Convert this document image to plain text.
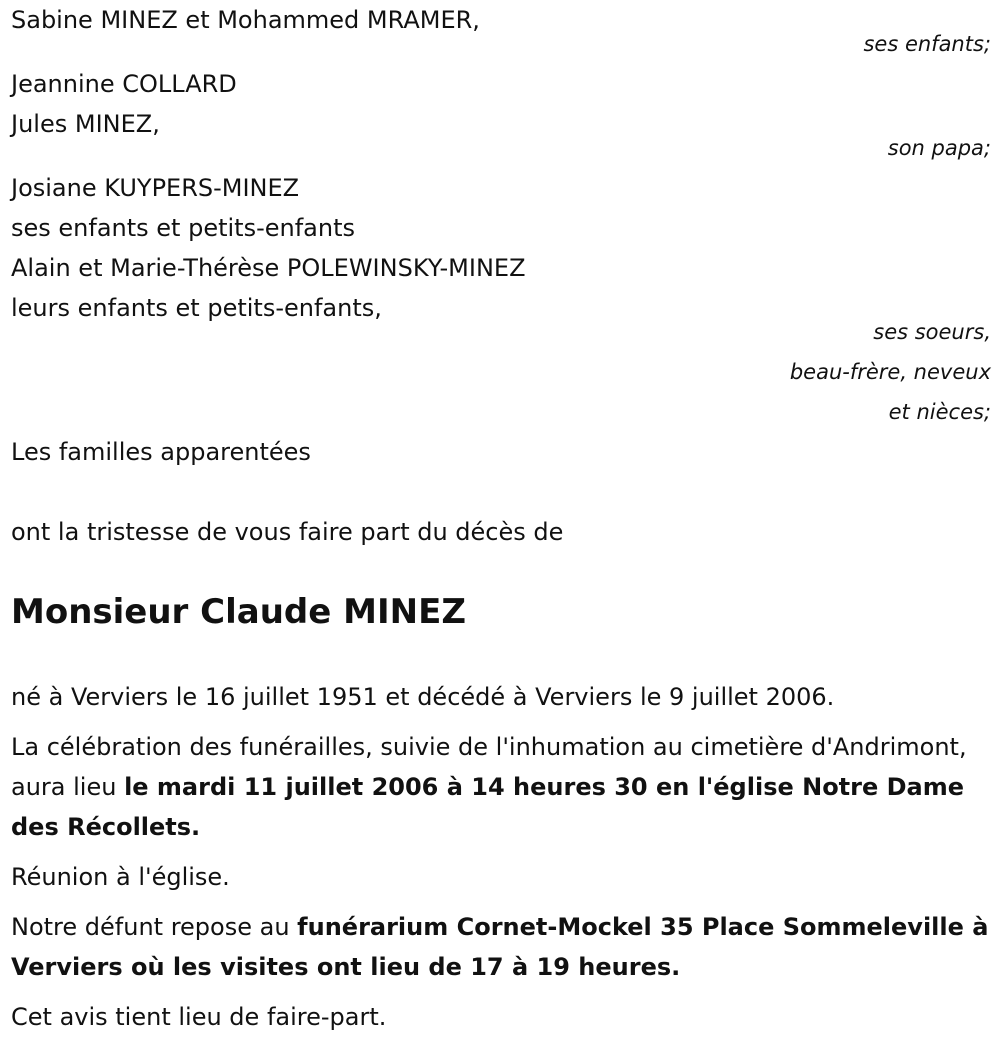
Sabine MINEZ et Mohammed MRAMER,
ses enfants;
Jeannine COLLARD
Jules MINEZ,
son papa;
Josiane KUYPERS-MINEZ
ses enfants et petits-enfants
Alain et Marie-Thérèse POLEWINSKY-MINEZ
leurs enfants et petits-enfants,
ses soeurs,
beau-frère, neveux
et nièces;
Les familles apparentées
ont la tristesse de vous faire part du décès de
Monsieur Claude MINEZ
né à Verviers le 16 juillet 1951 et décédé à Verviers le 9 juillet 2006.
La célébration des funérailles, suivie de l'inhumation au cimetière d'Andrimont, aura lieu le mardi 11 juillet 2006 à 14 heures 30 en l'église Notre Dame des Récollets.
Réunion à l'église.
Notre défunt repose au funérarium Cornet-Mockel 35 Place Sommeleville à Verviers où les visites ont lieu de 17 à 19 heures.
Cet avis tient lieu de faire-part.
